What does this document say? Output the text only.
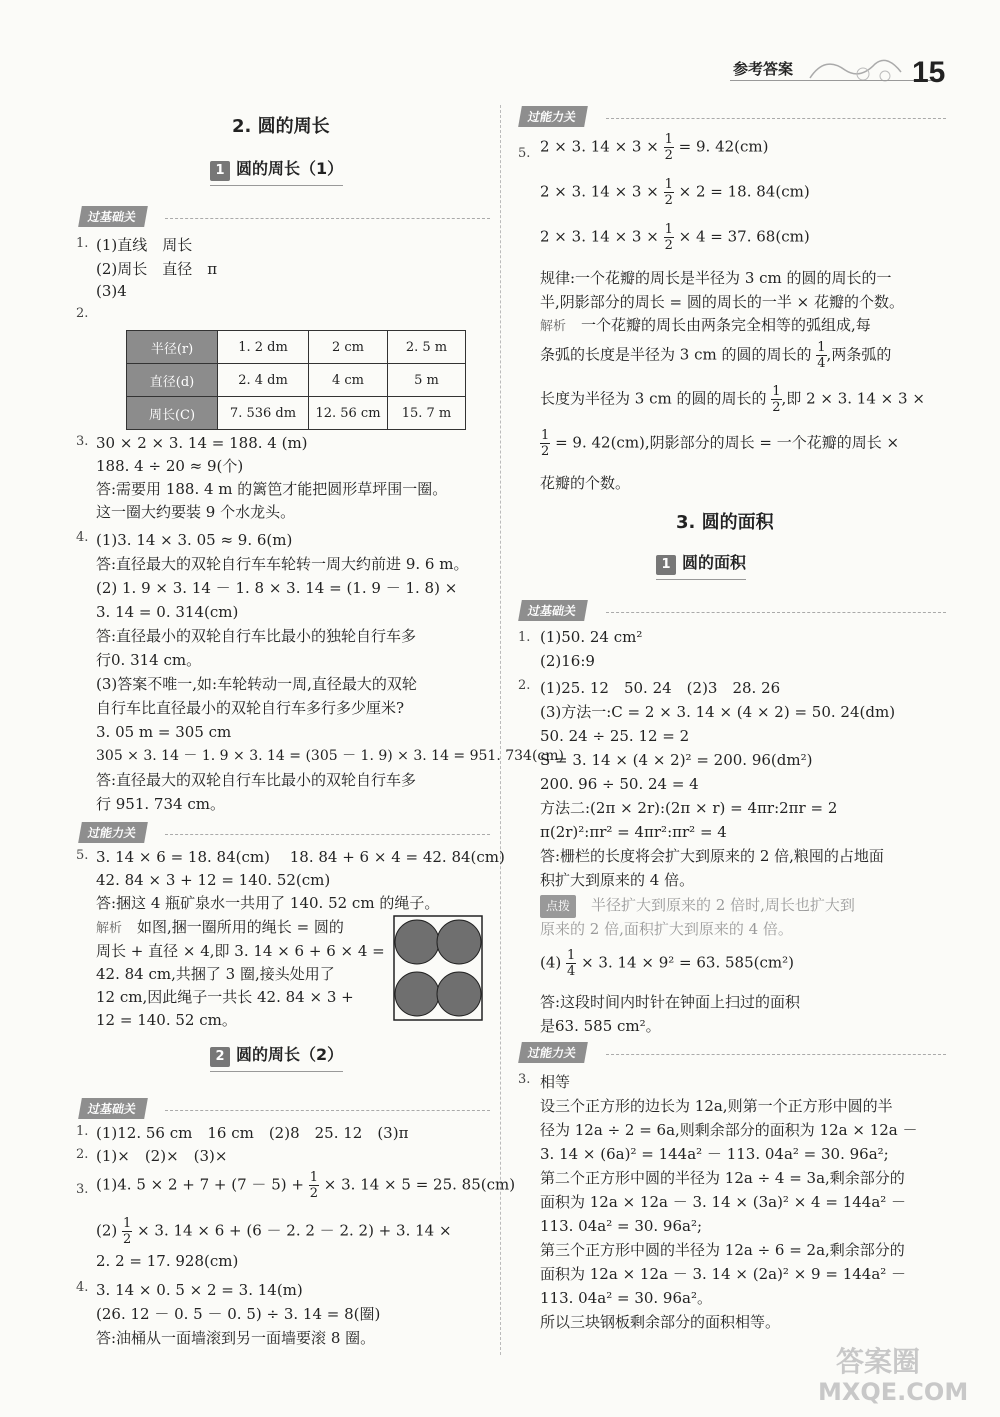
参考答案	15
2. 圆的周长
1 圆的周长（1）
过基础关
1. (1)直线　周长
(2)周长　直径　π
(3)4
2.
半径(r)	1. 2 dm	2 cm	2. 5 m
直径(d)	2. 4 dm	4 cm	5 m
周长(C)	7. 536 dm	12. 56 cm	15. 7 m
3. 30 × 2 × 3. 14 = 188. 4 (m)
188. 4 ÷ 20 ≈ 9(个)
答:需要用 188. 4 m 的篱笆才能把圆形草坪围一圈。
这一圈大约要装 9 个水龙头。
4. (1)3. 14 × 3. 05 ≈ 9. 6(m)
答:直径最大的双轮自行车车轮转一周大约前进 9. 6 m。
(2) 1. 9 × 3. 14 － 1. 8 × 3. 14 = (1. 9 － 1. 8) ×
3. 14 = 0. 314(cm)
答:直径最小的双轮自行车比最小的独轮自行车多
行0. 314 cm。
(3)答案不唯一,如:车轮转动一周,直径最大的双轮
自行车比直径最小的双轮自行车多行多少厘米?
3. 05 m = 305 cm
305 × 3. 14 － 1. 9 × 3. 14 = (305 － 1. 9) × 3. 14 = 951. 734(cm)
答:直径最大的双轮自行车比最小的双轮自行车多
行 951. 734 cm。
过能力关
5. 3. 14 × 6 = 18. 84(cm)　 18. 84 + 6 × 4 = 42. 84(cm)
42. 84 × 3 + 12 = 140. 52(cm)
答:捆这 4 瓶矿泉水一共用了 140. 52 cm 的绳子。
解析　 如图,捆一圈所用的绳长 = 圆的
周长 + 直径 × 4,即 3. 14 × 6 + 6 × 4 =
42. 84 cm,共捆了 3 圈,接头处用了
12 cm,因此绳子一共长 42. 84 × 3 +
12 = 140. 52 cm。
2 圆的周长（2）
过基础关
1. (1)12. 56 cm　16 cm　(2)8　25. 12　(3)π
2. (1)×　(2)×　(3)×
3. (1)4. $5 \times 2 + 7 + (7 - 5) + \frac{1}{2} \times 3$. 14 × 5 = 25. 85(cm)
$(2) \frac{1}{2} \times 3$. 14 × 6 + (6 － 2. 2 － 2. 2) + 3. 14 ×
2. 2 = 17. 928(cm)
4. 3. 14 × 0. 5 × 2 = 3. 14(m)
(26. 12 － 0. 5 － 0. 5) ÷ 3. 14 = 8(圈)
答:油桶从一面墙滚到另一面墙要滚 8 圈。
过能力关
5. 2 × 3. $14 \times 3 \times \frac{1}{2} = 9$. 42(cm)
2 × 3. $14 \times 3 \times \frac{1}{2} \times 2 = 18$. 84(cm)
2 × 3. $14 \times 3 \times \frac{1}{2} \times 4 = 37$. 68(cm)
规律:一个花瓣的周长是半径为 3 cm 的圆的周长的一
半,阴影部分的周长 = 圆的周长的一半 × 花瓣的个数。
解析　 一个花瓣的周长由两条完全相等的弧组成,每
条弧的长度是半径为 3 cm 的圆的周长的 $\frac{1}{4}$ ,两条弧的
长度为半径为 3 cm 的圆的周长的 $\frac{1}{2}$ ,即 2 × 3. 14 × 3 ×
$\frac{1}{2} = 9$. 42(cm),阴影部分的周长 = 一个花瓣的周长 ×
花瓣的个数。
3. 圆的面积
1 圆的面积
过基础关
1. (1)50. 24 cm²
(2)16:9
2. (1)25. 12　50. 24　(2)3　28. 26
(3)方法一:C = 2 × 3. 14 × (4 × 2) = 50. 24(dm)
50. 24 ÷ 25. 12 = 2
S = 3. 14 × (4 × 2)² = 200. 96(dm²)
200. 96 ÷ 50. 24 = 4
方法二:(2π × 2r):(2π × r) = 4πr:2πr = 2
π(2r)²:πr² = 4πr²:πr² = 4
答:栅栏的长度将会扩大到原来的 2 倍,粮囤的占地面
积扩大到原来的 4 倍。
点拨　 半径扩大到原来的 2 倍时,周长也扩大到
原来的 2 倍,面积扩大到原来的 4 倍。
$(4) \frac{1}{4} \times 3$. 14 × 9² = 63. 585(cm²)
答:这段时间内时针在钟面上扫过的面积
是63. 585 cm²。
过能力关
3. 相等
设三个正方形的边长为 12a,则第一个正方形中圆的半
径为 12a ÷ 2 = 6a,则剩余部分的面积为 12a × 12a －
3. 14 × (6a)² = 144a² － 113. 04a² = 30. 96a²;
第二个正方形中圆的半径为 12a ÷ 4 = 3a,剩余部分的
面积为 12a × 12a － 3. 14 × (3a)² × 4 = 144a² －
113. 04a² = 30. 96a²;
第三个正方形中圆的半径为 12a ÷ 6 = 2a,剩余部分的
面积为 12a × 12a － 3. 14 × (2a)² × 9 = 144a² －
113. 04a² = 30. 96a²。
所以三块钢板剩余部分的面积相等。
答案圈
MXQE.COM
